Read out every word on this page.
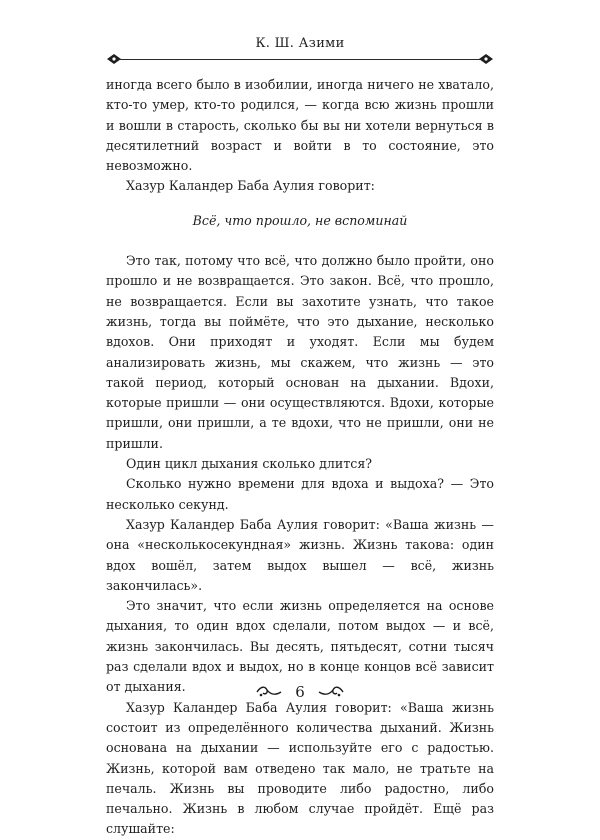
К. Ш. Азими

иногда всего было в изобилии, иногда ничего не хватало, кто-то умер, кто-то родился, — когда всю жизнь прошли и вошли в старость, сколько бы вы ни хотели вернуться в десятилетний возраст и войти в то состояние, это невозможно.

Хазур Каландер Баба Аулия говорит:

Всё, что прошло, не вспоминай

Это так, потому что всё, что должно было пройти, оно прошло и не возвращается. Это закон. Всё, что прошло, не возвращается. Если вы захотите узнать, что такое жизнь, тогда вы поймёте, что это дыхание, несколько вдохов. Они приходят и уходят. Если мы будем анализировать жизнь, мы скажем, что жизнь — это такой период, который основан на дыхании. Вдохи, которые пришли — они осуществляются. Вдохи, которые пришли, они пришли, а те вдохи, что не пришли, они не пришли.

Один цикл дыхания сколько длится?

Сколько нужно времени для вдоха и выдоха? — Это несколько секунд.

Хазур Каландер Баба Аулия говорит: «Ваша жизнь — она «несколькосекундная» жизнь. Жизнь такова: один вдох вошёл, затем выдох вышел — всё, жизнь закончилась».

Это значит, что если жизнь определяется на основе дыхания, то один вдох сделали, потом выдох — и всё, жизнь закончилась. Вы десять, пятьдесят, сотни тысяч раз сделали вдох и выдох, но в конце концов всё зависит от дыхания.

Хазур Каландер Баба Аулия говорит: «Ваша жизнь состоит из определённого количества дыханий. Жизнь основана на дыхании — используйте его с радостью. Жизнь, которой вам отведено так мало, не тратьте на печаль. Жизнь вы проводите либо радостно, либо печально. Жизнь в любом случае пройдёт. Ещё раз слушайте:

6
